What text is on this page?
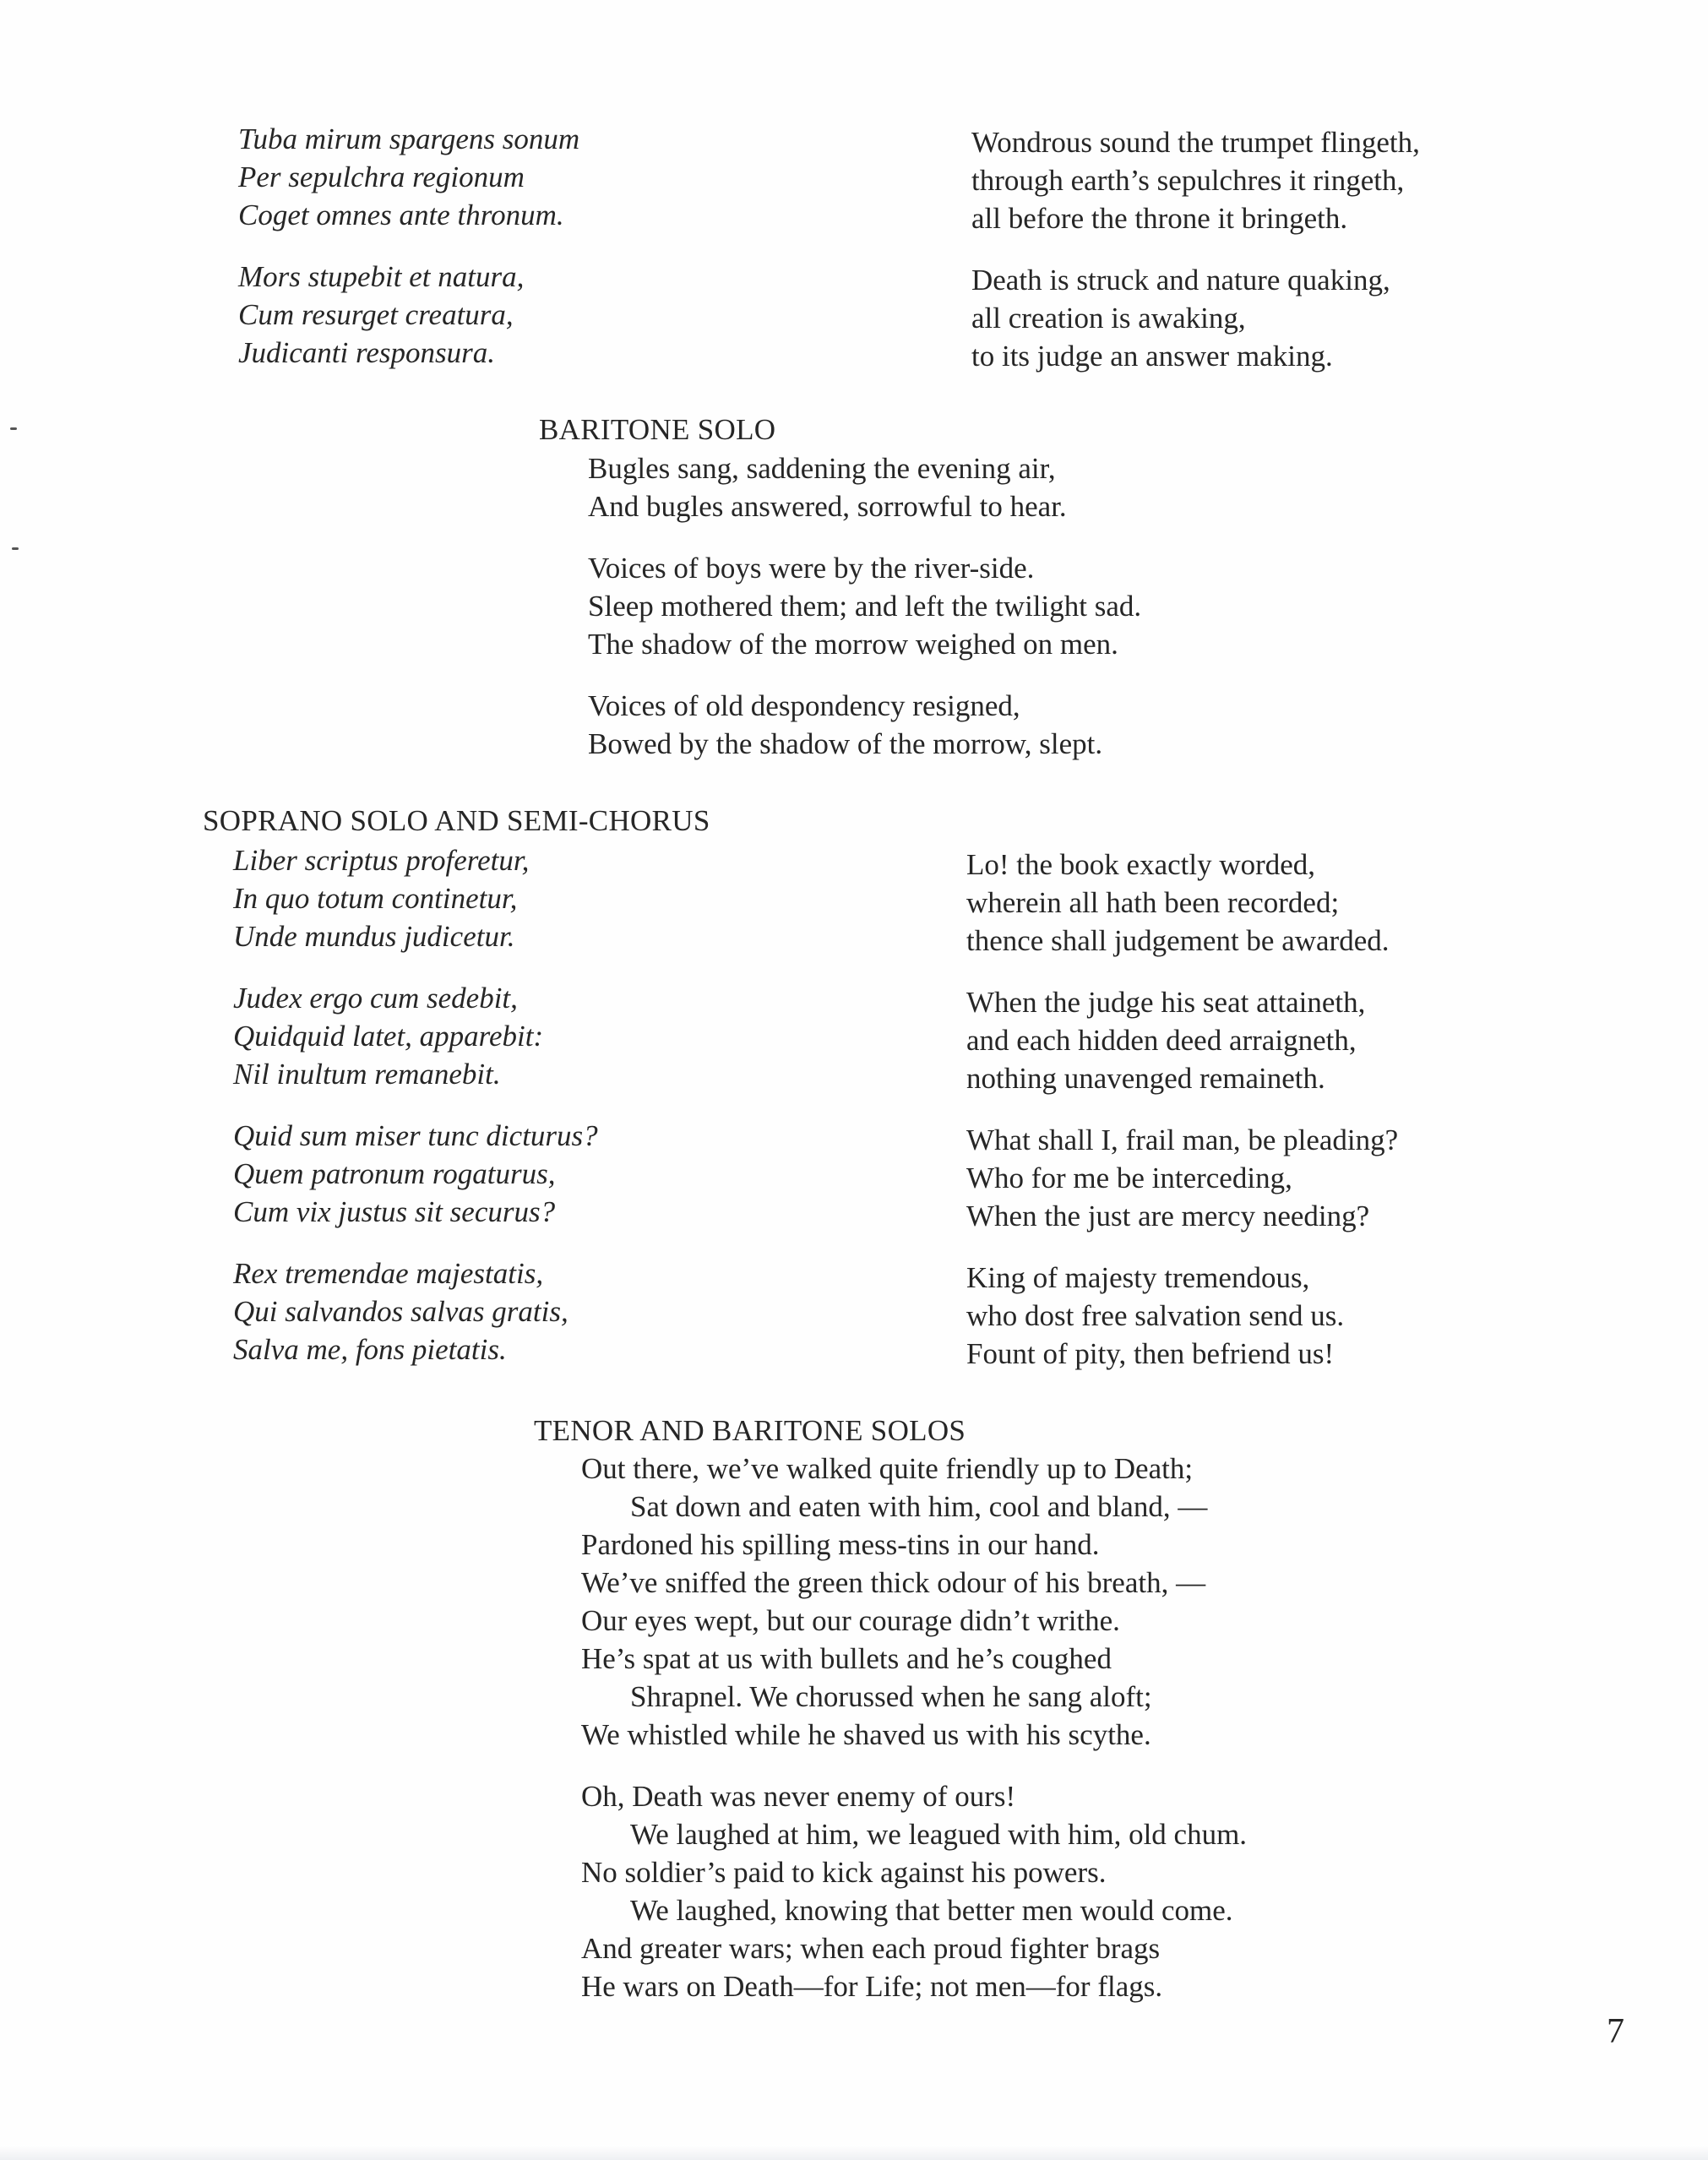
Tuba mirum spargens sonum
Per sepulchra regionum
Coget omnes ante thronum.
Mors stupebit et natura,
Cum resurget creatura,
Judicanti responsura.
Wondrous sound the trumpet flingeth,
through earth’s sepulchres it ringeth,
all before the throne it bringeth.
Death is struck and nature quaking,
all creation is awaking,
to its judge an answer making.
BARITONE SOLO
Bugles sang, saddening the evening air,
And bugles answered, sorrowful to hear.
Voices of boys were by the river-side.
Sleep mothered them; and left the twilight sad.
The shadow of the morrow weighed on men.
Voices of old despondency resigned,
Bowed by the shadow of the morrow, slept.
SOPRANO SOLO AND SEMI-CHORUS
Liber scriptus proferetur,
In quo totum continetur,
Unde mundus judicetur.
Judex ergo cum sedebit,
Quidquid latet, apparebit:
Nil inultum remanebit.
Quid sum miser tunc dicturus?
Quem patronum rogaturus,
Cum vix justus sit securus?
Rex tremendae majestatis,
Qui salvandos salvas gratis,
Salva me, fons pietatis.
Lo! the book exactly worded,
wherein all hath been recorded;
thence shall judgement be awarded.
When the judge his seat attaineth,
and each hidden deed arraigneth,
nothing unavenged remaineth.
What shall I, frail man, be pleading?
Who for me be interceding,
When the just are mercy needing?
King of majesty tremendous,
who dost free salvation send us.
Fount of pity, then befriend us!
TENOR AND BARITONE SOLOS
Out there, we’ve walked quite friendly up to Death;
Sat down and eaten with him, cool and bland, —
Pardoned his spilling mess-tins in our hand.
We’ve sniffed the green thick odour of his breath, —
Our eyes wept, but our courage didn’t writhe.
He’s spat at us with bullets and he’s coughed
Shrapnel. We chorussed when he sang aloft;
We whistled while he shaved us with his scythe.
Oh, Death was never enemy of ours!
We laughed at him, we leagued with him, old chum.
No soldier’s paid to kick against his powers.
We laughed, knowing that better men would come.
And greater wars; when each proud fighter brags
He wars on Death—for Life; not men—for flags.
7
